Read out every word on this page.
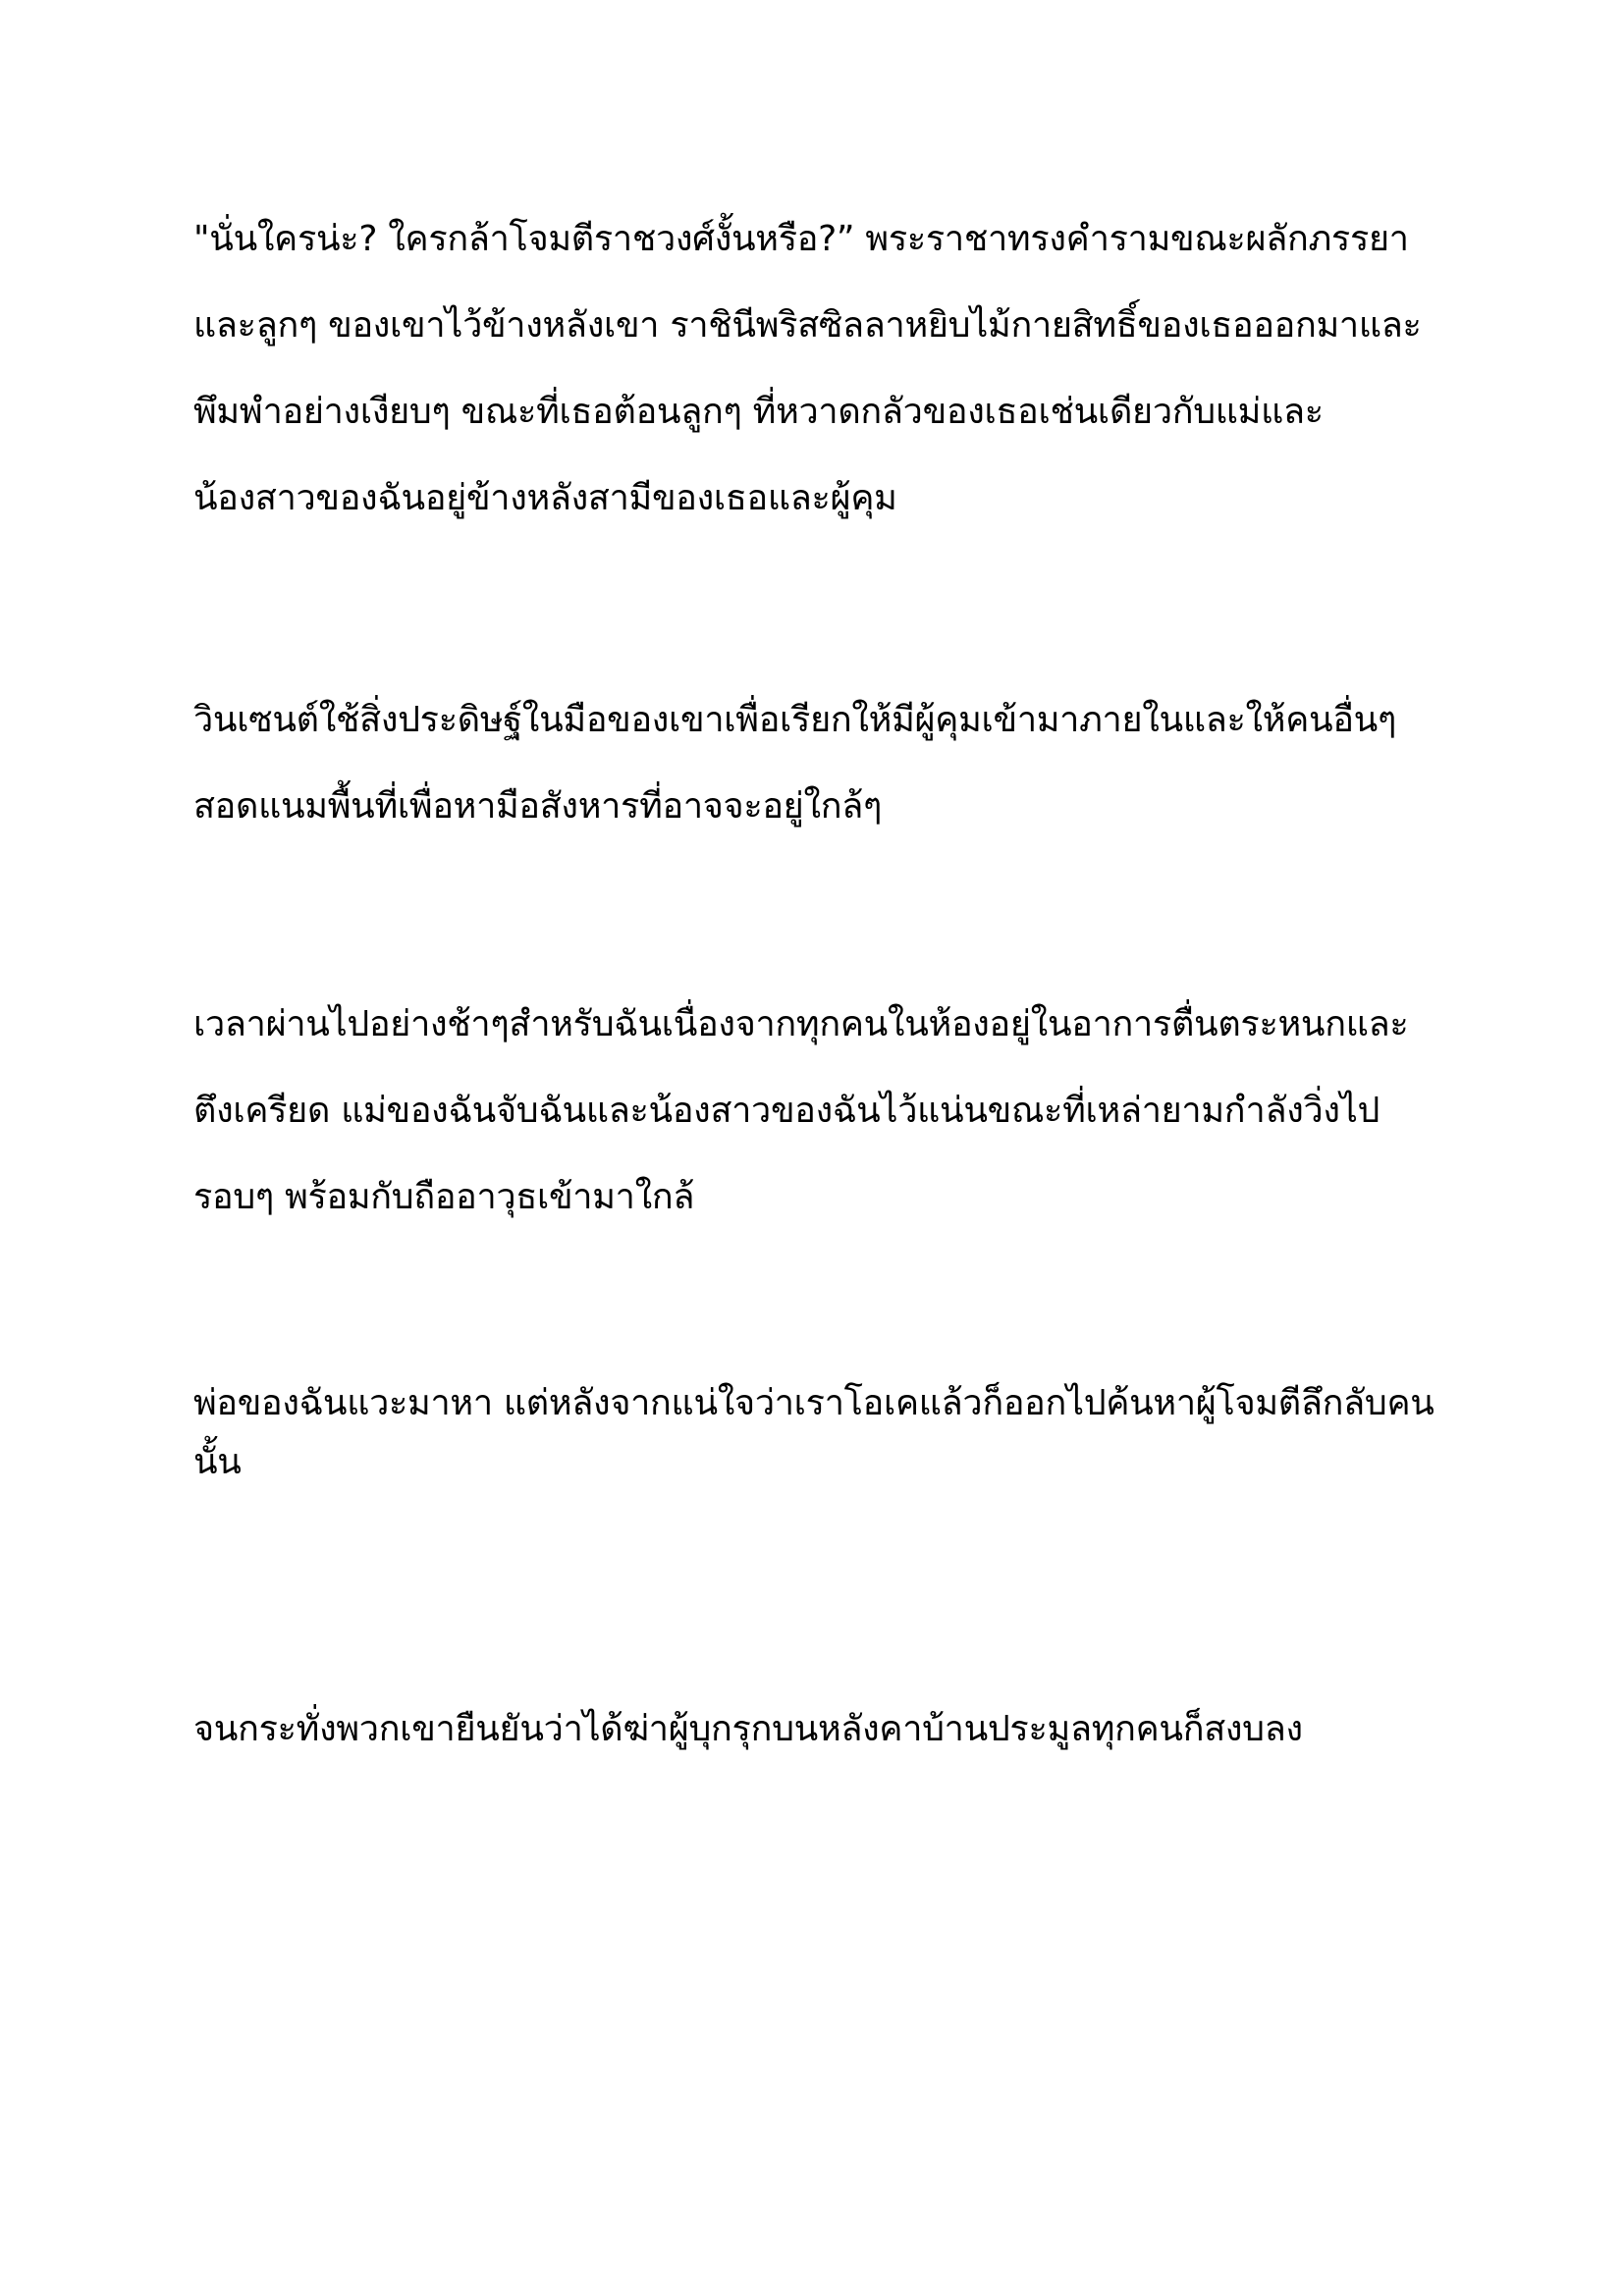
"นั่นใครน่ะ? ใครกล้าโจมตีราชวงศ์งั้นหรือ?” พระราชาทรงคำรามขณะผลักภรรยา
และลูกๆ ของเขาไว้ข้างหลังเขา ราชินีพริสซิลลาหยิบไม้กายสิทธิ์ของเธอออกมาและ
พึมพำอย่างเงียบๆ ขณะที่เธอต้อนลูกๆ ที่หวาดกลัวของเธอเช่นเดียวกับแม่และ
น้องสาวของฉันอยู่ข้างหลังสามีของเธอและผู้คุม
วินเซนต์ใช้สิ่งประดิษฐ์ในมือของเขาเพื่อเรียกให้มีผู้คุมเข้ามาภายในและให้คนอื่นๆ
สอดแนมพื้นที่เพื่อหามือสังหารที่อาจจะอยู่ใกล้ๆ
เวลาผ่านไปอย่างช้าๆสำหรับฉันเนื่องจากทุกคนในห้องอยู่ในอาการตื่นตระหนกและ
ตึงเครียด แม่ของฉันจับฉันและน้องสาวของฉันไว้แน่นขณะที่เหล่ายามกำลังวิ่งไป
รอบๆ พร้อมกับถืออาวุธเข้ามาใกล้
พ่อของฉันแวะมาหา แต่หลังจากแน่ใจว่าเราโอเคแล้วก็ออกไปค้นหาผู้โจมตีลึกลับคน
นั้น
จนกระทั่งพวกเขายืนยันว่าได้ฆ่าผู้บุกรุกบนหลังคาบ้านประมูลทุกคนก็สงบลง
